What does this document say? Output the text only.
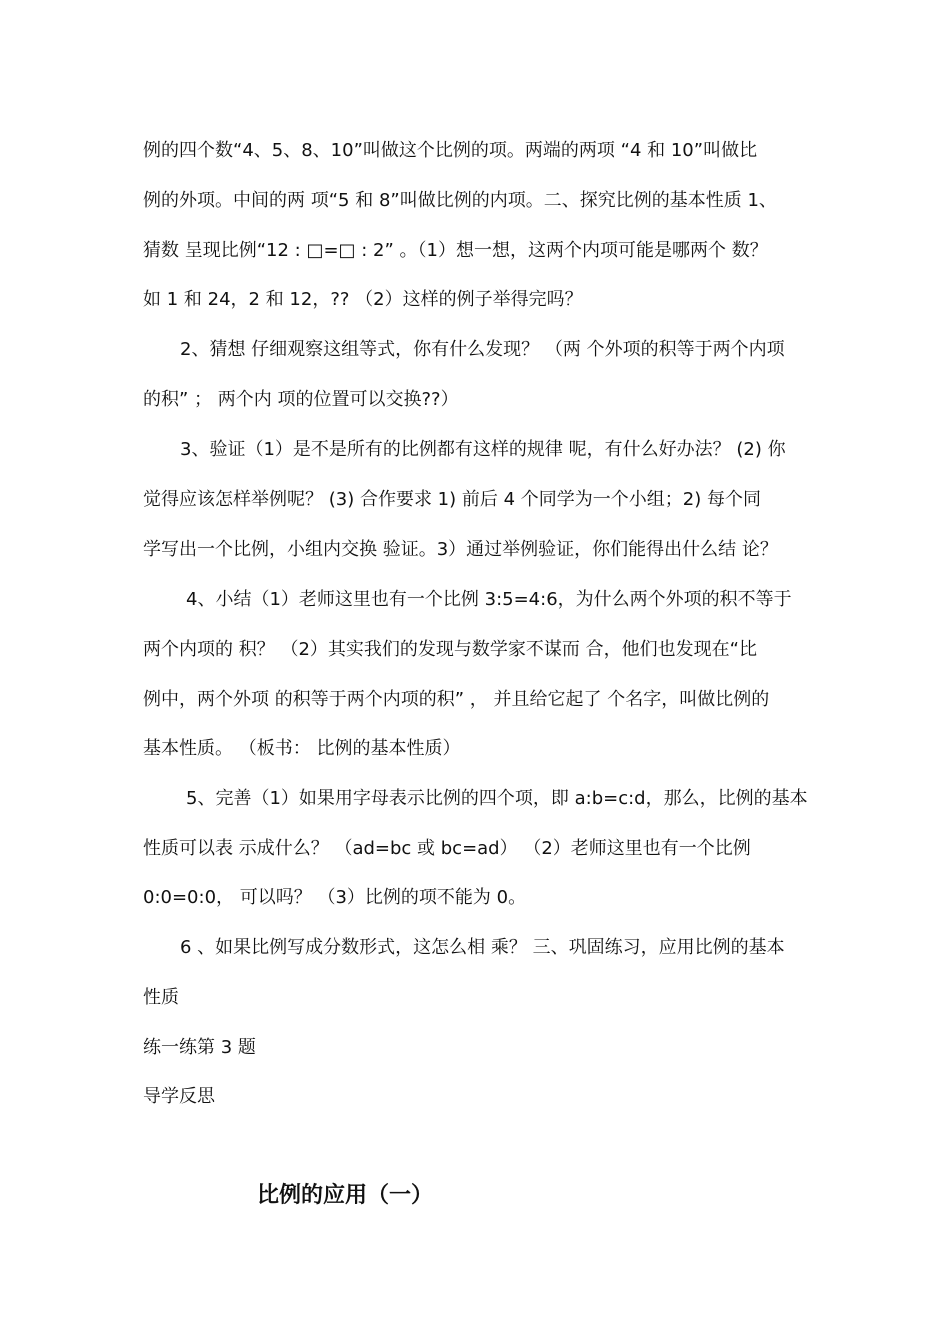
例的四个数“4、5、8、10”叫做这个比例的项。两端的两项 “4 和 10”叫做比
例的外项。中间的两 项“5 和 8”叫做比例的内项。二、探究比例的基本性质 1、
猜数 呈现比例“12 : □=□ : 2” 。（1）想一想，这两个内项可能是哪两个 数？
如 1 和 24，2 和 12，?? （2）这样的例子举得完吗？
2、猜想 仔细观察这组等式，你有什么发现？ （两 个外项的积等于两个内项
的积” ； 两个内 项的位置可以交换??）
3、验证（1）是不是所有的比例都有这样的规律 呢，有什么好办法？ (2) 你
觉得应该怎样举例呢？ (3) 合作要求 1) 前后 4 个同学为一个小组；2) 每个同
学写出一个比例，小组内交换 验证。3）通过举例验证，你们能得出什么结 论？
4、小结（1）老师这里也有一个比例 3:5=4:6，为什么两个外项的积不等于
两个内项的 积？ （2）其实我们的发现与数学家不谋而 合，他们也发现在“比
例中，两个外项 的积等于两个内项的积” ， 并且给它起了 个名字，叫做比例的
基本性质。 （板书： 比例的基本性质）
5、完善（1）如果用字母表示比例的四个项，即 a:b=c:d，那么，比例的基本
性质可以表 示成什么？ （ad=bc 或 bc=ad） （2）老师这里也有一个比例
0:0=0:0， 可以吗？ （3）比例的项不能为 0。
6 、如果比例写成分数形式，这怎么相 乘？ 三、巩固练习，应用比例的基本
性质
练一练第 3 题
导学反思
比例的应用（一）
